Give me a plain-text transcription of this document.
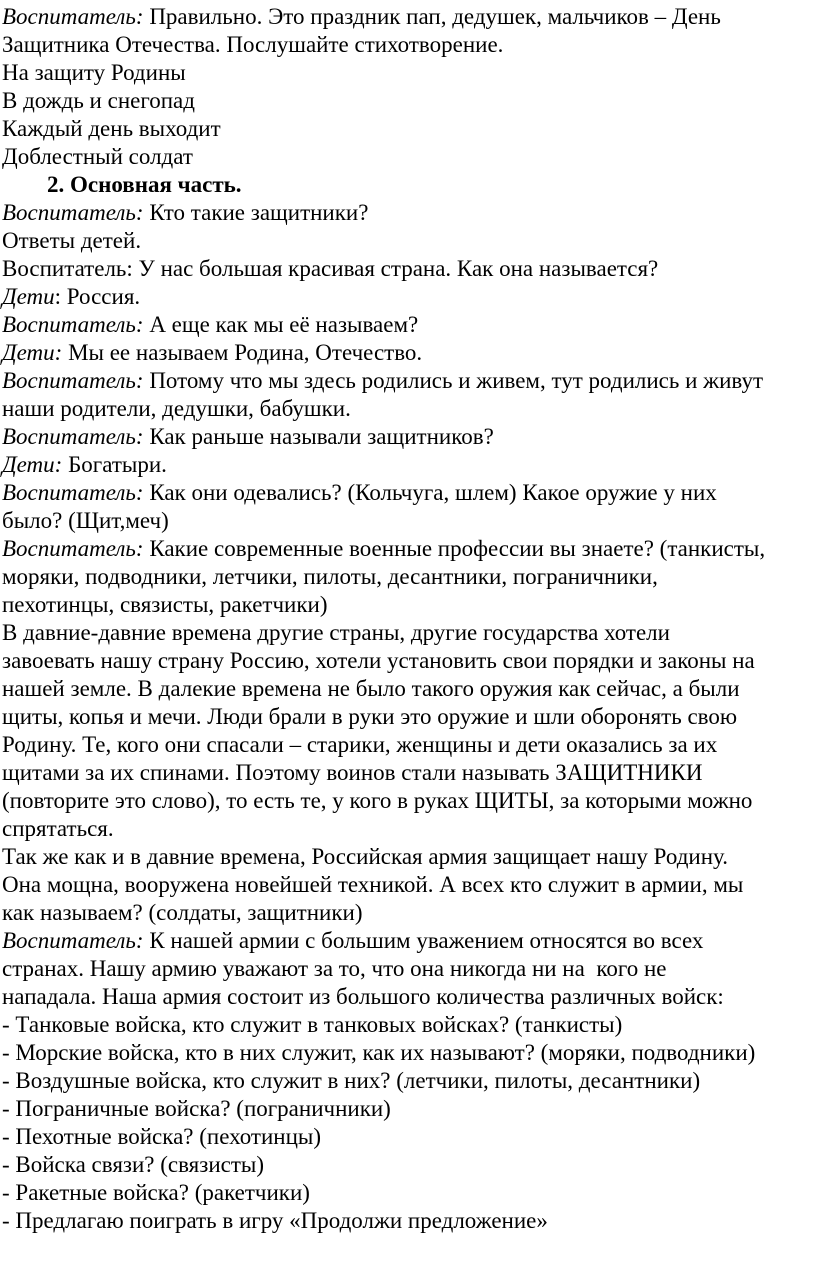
Воспитатель: Правильно. Это праздник пап, дедушек, мальчиков – День
Защитника Отечества. Послушайте стихотворение.
На защиту Родины
В дождь и снегопад
Каждый день выходит
Доблестный солдат
2. Основная часть.
Воспитатель: Кто такие защитники?
Ответы детей.
Воспитатель: У нас большая красивая страна. Как она называется?
Дети: Россия.
Воспитатель: А еще как мы её называем?
Дети: Мы ее называем Родина, Отечество.
Воспитатель: Потому что мы здесь родились и живем, тут родились и живут
наши родители, дедушки, бабушки.
Воспитатель: Как раньше называли защитников?
Дети: Богатыри.
Воспитатель: Как они одевались? (Кольчуга, шлем) Какое оружие у них
было? (Щит,меч)
Воспитатель: Какие современные военные профессии вы знаете? (танкисты,
моряки, подводники, летчики, пилоты, десантники, пограничники,
пехотинцы, связисты, ракетчики)
В давние-давние времена другие страны, другие государства хотели
завоевать нашу страну Россию, хотели установить свои порядки и законы на
нашей земле. В далекие времена не было такого оружия как сейчас, а были
щиты, копья и мечи. Люди брали в руки это оружие и шли оборонять свою
Родину. Те, кого они спасали – старики, женщины и дети оказались за их
щитами за их спинами. Поэтому воинов стали называть ЗАЩИТНИКИ
(повторите это слово), то есть те, у кого в руках ЩИТЫ, за которыми можно
спрятаться.
Так же как и в давние времена, Российская армия защищает нашу Родину.
Она мощна, вооружена новейшей техникой. А всех кто служит в армии, мы
как называем? (солдаты, защитники)
Воспитатель: К нашей армии с большим уважением относятся во всех
странах. Нашу армию уважают за то, что она никогда ни на  кого не
нападала. Наша армия состоит из большого количества различных войск:
- Танковые войска, кто служит в танковых войсках? (танкисты)
- Морские войска, кто в них служит, как их называют? (моряки, подводники)
- Воздушные войска, кто служит в них? (летчики, пилоты, десантники)
- Пограничные войска? (пограничники)
- Пехотные войска? (пехотинцы)
- Войска связи? (связисты)
- Ракетные войска? (ракетчики)
- Предлагаю поиграть в игру «Продолжи предложение»
